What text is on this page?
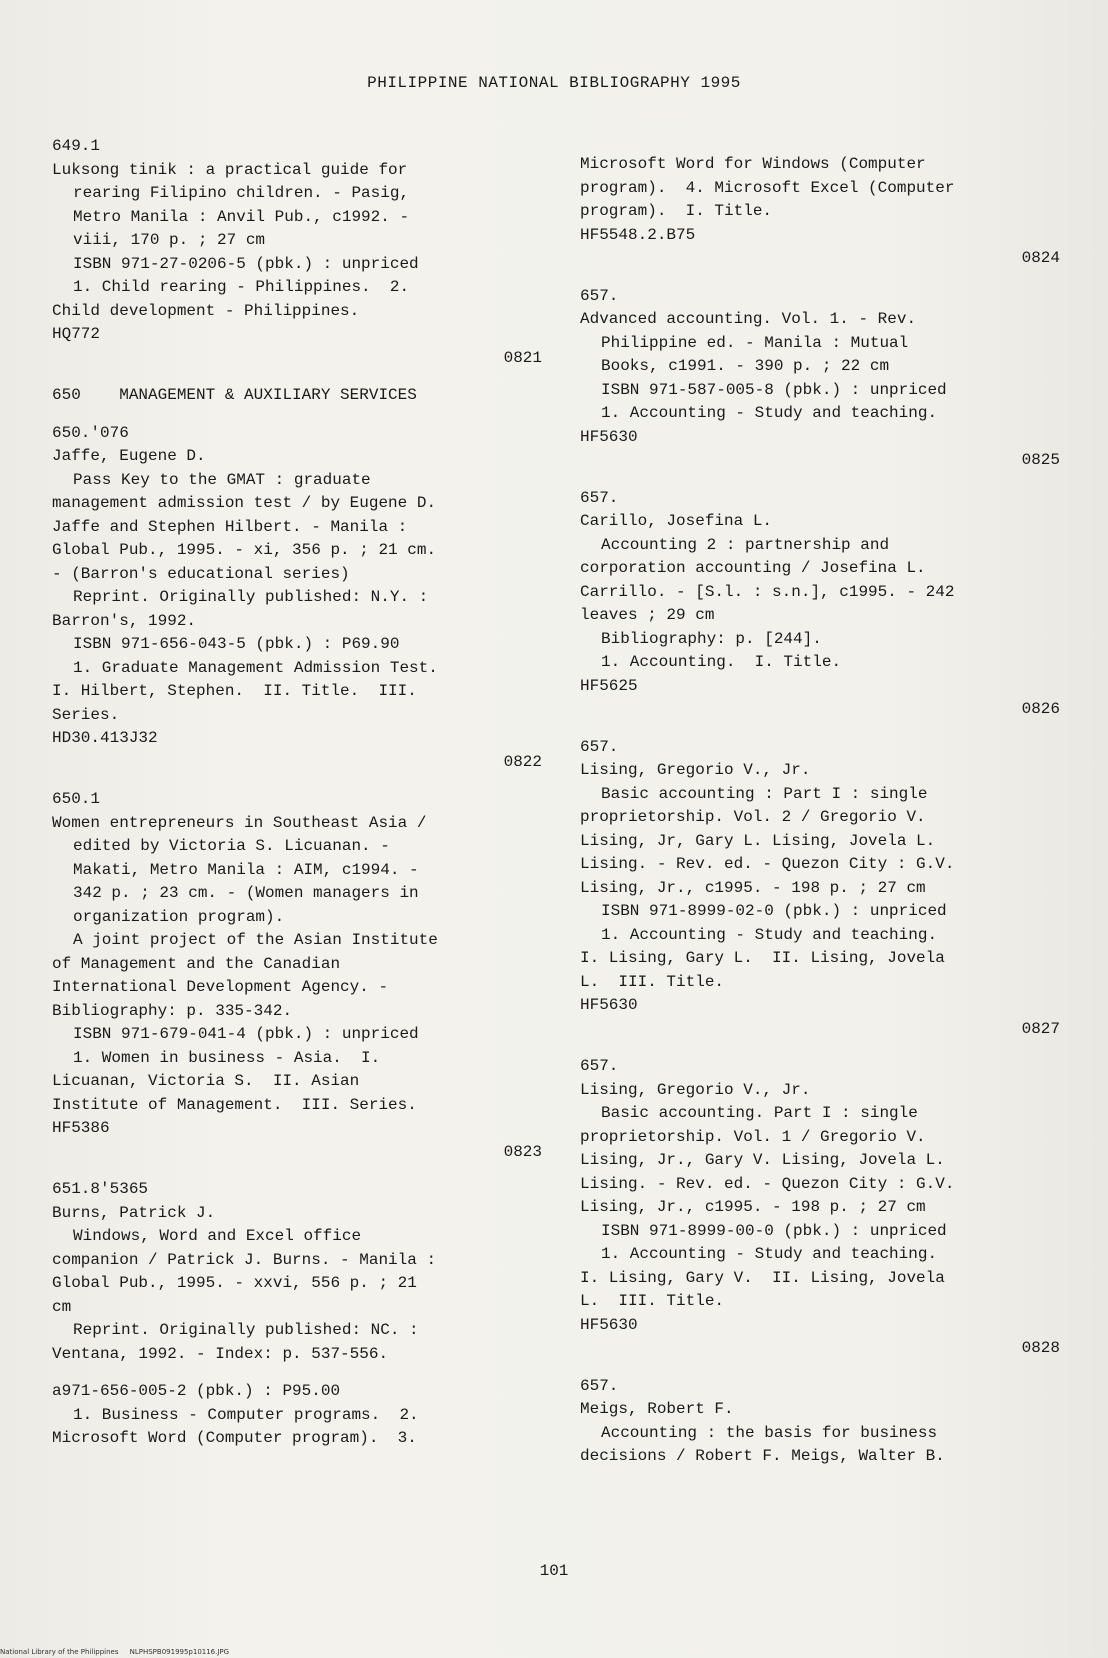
PHILIPPINE NATIONAL BIBLIOGRAPHY 1995
649.1
Luksong tinik : a practical guide for
rearing Filipino children. - Pasig,
Metro Manila : Anvil Pub., c1992. -
viii, 170 p. ; 27 cm
ISBN 971-27-0206-5 (pbk.) : unpriced
1. Child rearing - Philippines.  2.
Child development - Philippines.
HQ772
0821
650    MANAGEMENT & AUXILIARY SERVICES
650.'076
Jaffe, Eugene D.
Pass Key to the GMAT : graduate
management admission test / by Eugene D.
Jaffe and Stephen Hilbert. - Manila :
Global Pub., 1995. - xi, 356 p. ; 21 cm.
- (Barron's educational series)
Reprint. Originally published: N.Y. :
Barron's, 1992.
ISBN 971-656-043-5 (pbk.) : P69.90
1. Graduate Management Admission Test.
I. Hilbert, Stephen.  II. Title.  III.
Series.
HD30.413J32
0822
650.1
Women entrepreneurs in Southeast Asia /
edited by Victoria S. Licuanan. -
Makati, Metro Manila : AIM, c1994. -
342 p. ; 23 cm. - (Women managers in
organization program).
A joint project of the Asian Institute
of Management and the Canadian
International Development Agency. -
Bibliography: p. 335-342.
ISBN 971-679-041-4 (pbk.) : unpriced
1. Women in business - Asia.  I.
Licuanan, Victoria S.  II. Asian
Institute of Management.  III. Series.
HF5386
0823
651.8'5365
Burns, Patrick J.
Windows, Word and Excel office
companion / Patrick J. Burns. - Manila :
Global Pub., 1995. - xxvi, 556 p. ; 21
cm
Reprint. Originally published: NC. :
Ventana, 1992. - Index: p. 537-556.
a971-656-005-2 (pbk.) : P95.00
1. Business - Computer programs.  2.
Microsoft Word (Computer program).  3.
Microsoft Word for Windows (Computer
program).  4. Microsoft Excel (Computer
program).  I. Title.
HF5548.2.B75
0824
657.
Advanced accounting. Vol. 1. - Rev.
Philippine ed. - Manila : Mutual
Books, c1991. - 390 p. ; 22 cm
ISBN 971-587-005-8 (pbk.) : unpriced
1. Accounting - Study and teaching.
HF5630
0825
657.
Carillo, Josefina L.
Accounting 2 : partnership and
corporation accounting / Josefina L.
Carrillo. - [S.l. : s.n.], c1995. - 242
leaves ; 29 cm
Bibliography: p. [244].
1. Accounting.  I. Title.
HF5625
0826
657.
Lising, Gregorio V., Jr.
Basic accounting : Part I : single
proprietorship. Vol. 2 / Gregorio V.
Lising, Jr, Gary L. Lising, Jovela L.
Lising. - Rev. ed. - Quezon City : G.V.
Lising, Jr., c1995. - 198 p. ; 27 cm
ISBN 971-8999-02-0 (pbk.) : unpriced
1. Accounting - Study and teaching.
I. Lising, Gary L.  II. Lising, Jovela
L.  III. Title.
HF5630
0827
657.
Lising, Gregorio V., Jr.
Basic accounting. Part I : single
proprietorship. Vol. 1 / Gregorio V.
Lising, Jr., Gary V. Lising, Jovela L.
Lising. - Rev. ed. - Quezon City : G.V.
Lising, Jr., c1995. - 198 p. ; 27 cm
ISBN 971-8999-00-0 (pbk.) : unpriced
1. Accounting - Study and teaching.
I. Lising, Gary V.  II. Lising, Jovela
L.  III. Title.
HF5630
0828
657.
Meigs, Robert F.
Accounting : the basis for business
decisions / Robert F. Meigs, Walter B.
101
National Library of the Philippines     NLPHSPB091995p10116.JPG
